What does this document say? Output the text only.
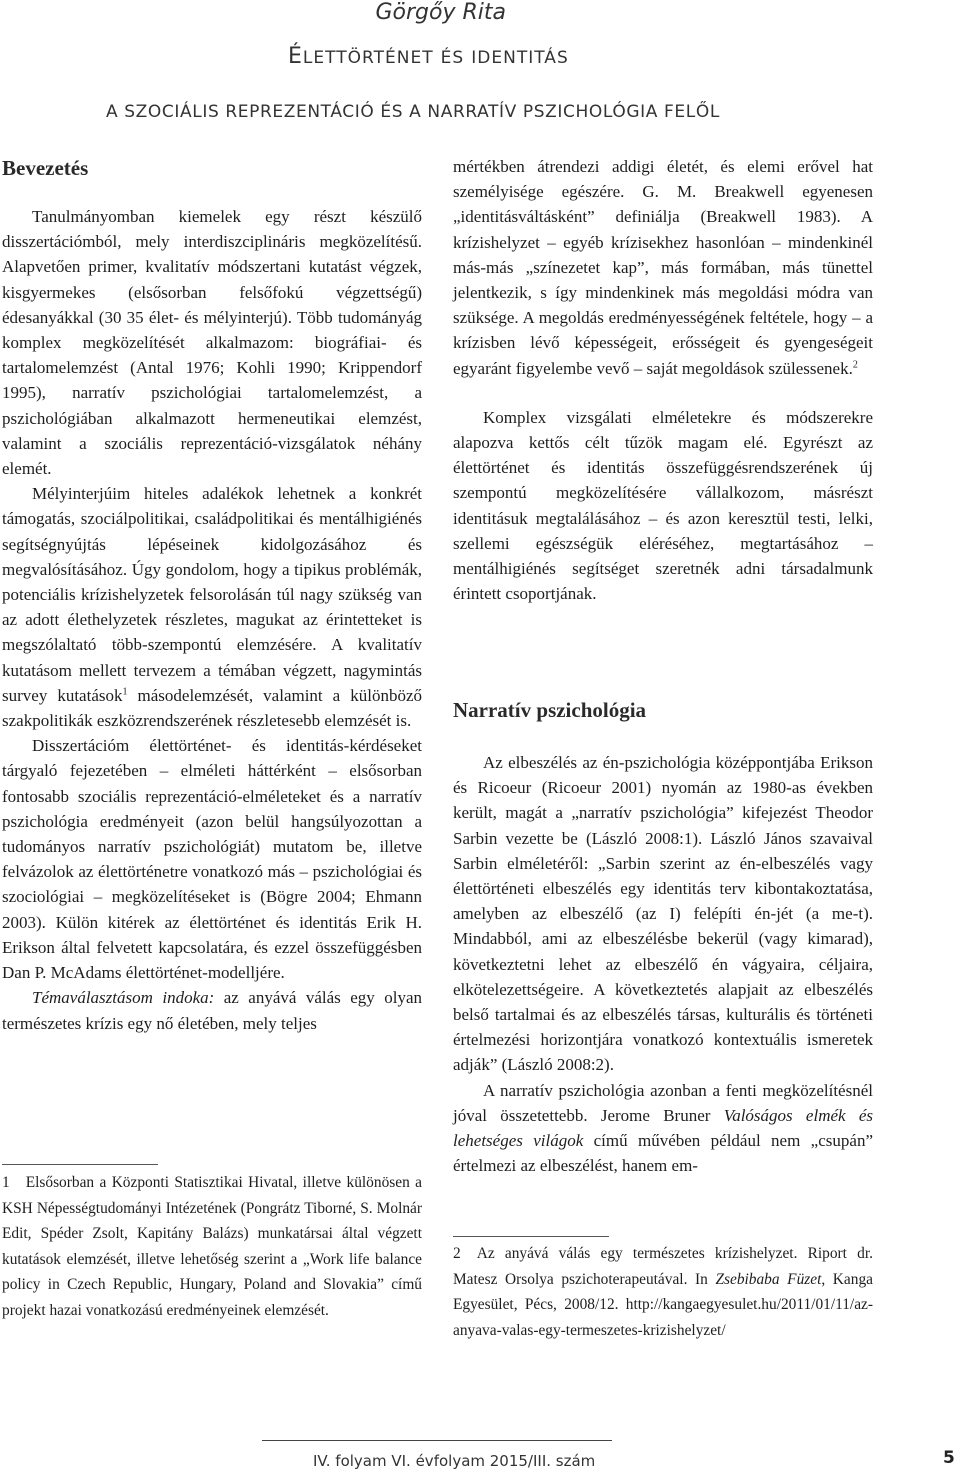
Görgőy Rita
ÉLETTÖRTÉNET ÉS IDENTITÁS
A SZOCIÁLIS REPREZENTÁCIÓ ÉS A NARRATÍV PSZICHOLÓGIA FELŐL
Bevezetés

Tanulmányomban kiemelek egy részt készülő disszertációmból, mely interdiszciplináris megközelítésű. Alapvetően primer, kvalitatív módszertani kutatást végzek, kisgyermekes (elsősorban felsőfokú végzettségű) édesanyákkal (30 35 élet- és mélyinterjú). Több tudományág komplex megközelítését alkalmazom: biográfiai- és tartalomelemzést (Antal 1976; Kohli 1990; Krippendorf 1995), narratív pszichológiai tartalomelemzést, a pszichológiában alkalmazott hermeneutikai elemzést, valamint a szociális reprezentáció-vizsgálatok néhány elemét.

Mélyinterjúim hiteles adalékok lehetnek a konkrét támogatás, szociálpolitikai, családpolitikai és mentálhigiénés segítségnyújtás lépéseinek kidolgozásához és megvalósításához. Úgy gondolom, hogy a tipikus problémák, potenciális krízishelyzetek felsorolásán túl nagy szükség van az adott élethelyzetek részletes, magukat az érintetteket is megszólaltató több-szempontú elemzésére. A kvalitatív kutatásom mellett tervezem a témában végzett, nagymintás survey kutatások$^1$ másodelemzését, valamint a különböző szakpolitikák eszközrendszerének részletesebb elemzését is.

Disszertációm élettörténet- és identitás-kérdéseket tárgyaló fejezetében – elméleti háttérként – elsősorban fontosabb szociális reprezentáció-elméleteket és a narratív pszichológia eredményeit (azon belül hangsúlyozottan a tudományos narratív pszichológiát) mutatom be, illetve felvázolok az élettörténetre vonatkozó más – pszichológiai és szociológiai – megközelítéseket is (Bögre 2004; Ehmann 2003). Külön kitérek az élettörténet és identitás Erik H. Erikson által felvetett kapcsolatára, és ezzel összefüggésben Dan P. McAdams élettörténet-modelljére.

Témaválasztásom indoka: az anyává válás egy olyan természetes krízis egy nő életében, mely teljes

1 Elsősorban a Központi Statisztikai Hivatal, illetve különösen a KSH Népességtudományi Intézetének (Pongrátz Tiborné, S. Molnár Edit, Spéder Zsolt, Kapitány Balázs) munkatársai által végzett kutatások elemzését, illetve lehetőség szerint a „Work life balance policy in Czech Republic, Hungary, Poland and Slovakia” című projekt hazai vonatkozású eredményeinek elemzését.

mértékben átrendezi addigi életét, és elemi erővel hat személyisége egészére. G. M. Breakwell egyenesen „identitásváltásként” definiálja (Breakwell 1983). A krízishelyzet – egyéb krízisekhez hasonlóan – mindenkinél más-más „színezetet kap”, más formában, más tünettel jelentkezik, s így mindenkinek más megoldási módra van szüksége. A megoldás eredményességének feltétele, hogy – a krízisben lévő képességeit, erősségeit és gyengeségeit egyaránt figyelembe vevő – saját megoldások szülessenek.$^2$

Komplex vizsgálati elméletekre és módszerekre alapozva kettős célt tűzök magam elé. Egyrészt az élettörténet és identitás összefüggésrendszerének új szempontú megközelítésére vállalkozom, másrészt identitásuk megtalálásához – és azon keresztül testi, lelki, szellemi egészségük eléréséhez, megtartásához – mentálhigiénés segítséget szeretnék adni társadalmunk érintett csoportjának.

Narratív pszichológia

Az elbeszélés az én-pszichológia középpontjába Erikson és Ricoeur (Ricoeur 2001) nyomán az 1980-as években került, magát a „narratív pszichológia” kifejezést Theodor Sarbin vezette be (László 2008:1). László János szavaival Sarbin elméletéről: „Sarbin szerint az én-elbeszélés vagy élettörténeti elbeszélés egy identitás terv kibontakoztatása, amelyben az elbeszélő (az I) felépíti én-jét (a me-t). Mindabból, ami az elbeszélésbe bekerül (vagy kimarad), következtetni lehet az elbeszélő én vágyaira, céljaira, elkötelezettségeire. A következtetés alapjait az elbeszélés belső tartalmai és az elbeszélés társas, kulturális és történeti értelmezési horizontjára vonatkozó kontextuális ismeretek adják” (László 2008:2).

A narratív pszichológia azonban a fenti megközelítésnél jóval összetettebb. Jerome Bruner Valóságos elmék és lehetséges világok című művében például nem „csupán” értelmezi az elbeszélést, hanem em-

2 Az anyává válás egy természetes krízishelyzet. Riport dr. Matesz Orsolya pszichoterapeutával. In Zsebibaba Füzet, Kanga Egyesület, Pécs, 2008/12. http://kangaegyesulet.hu/2011/01/11/az-anyava-valas-egy-termeszetes-krizishelyzet/
IV. folyam VI. évfolyam 2015/III. szám	5
